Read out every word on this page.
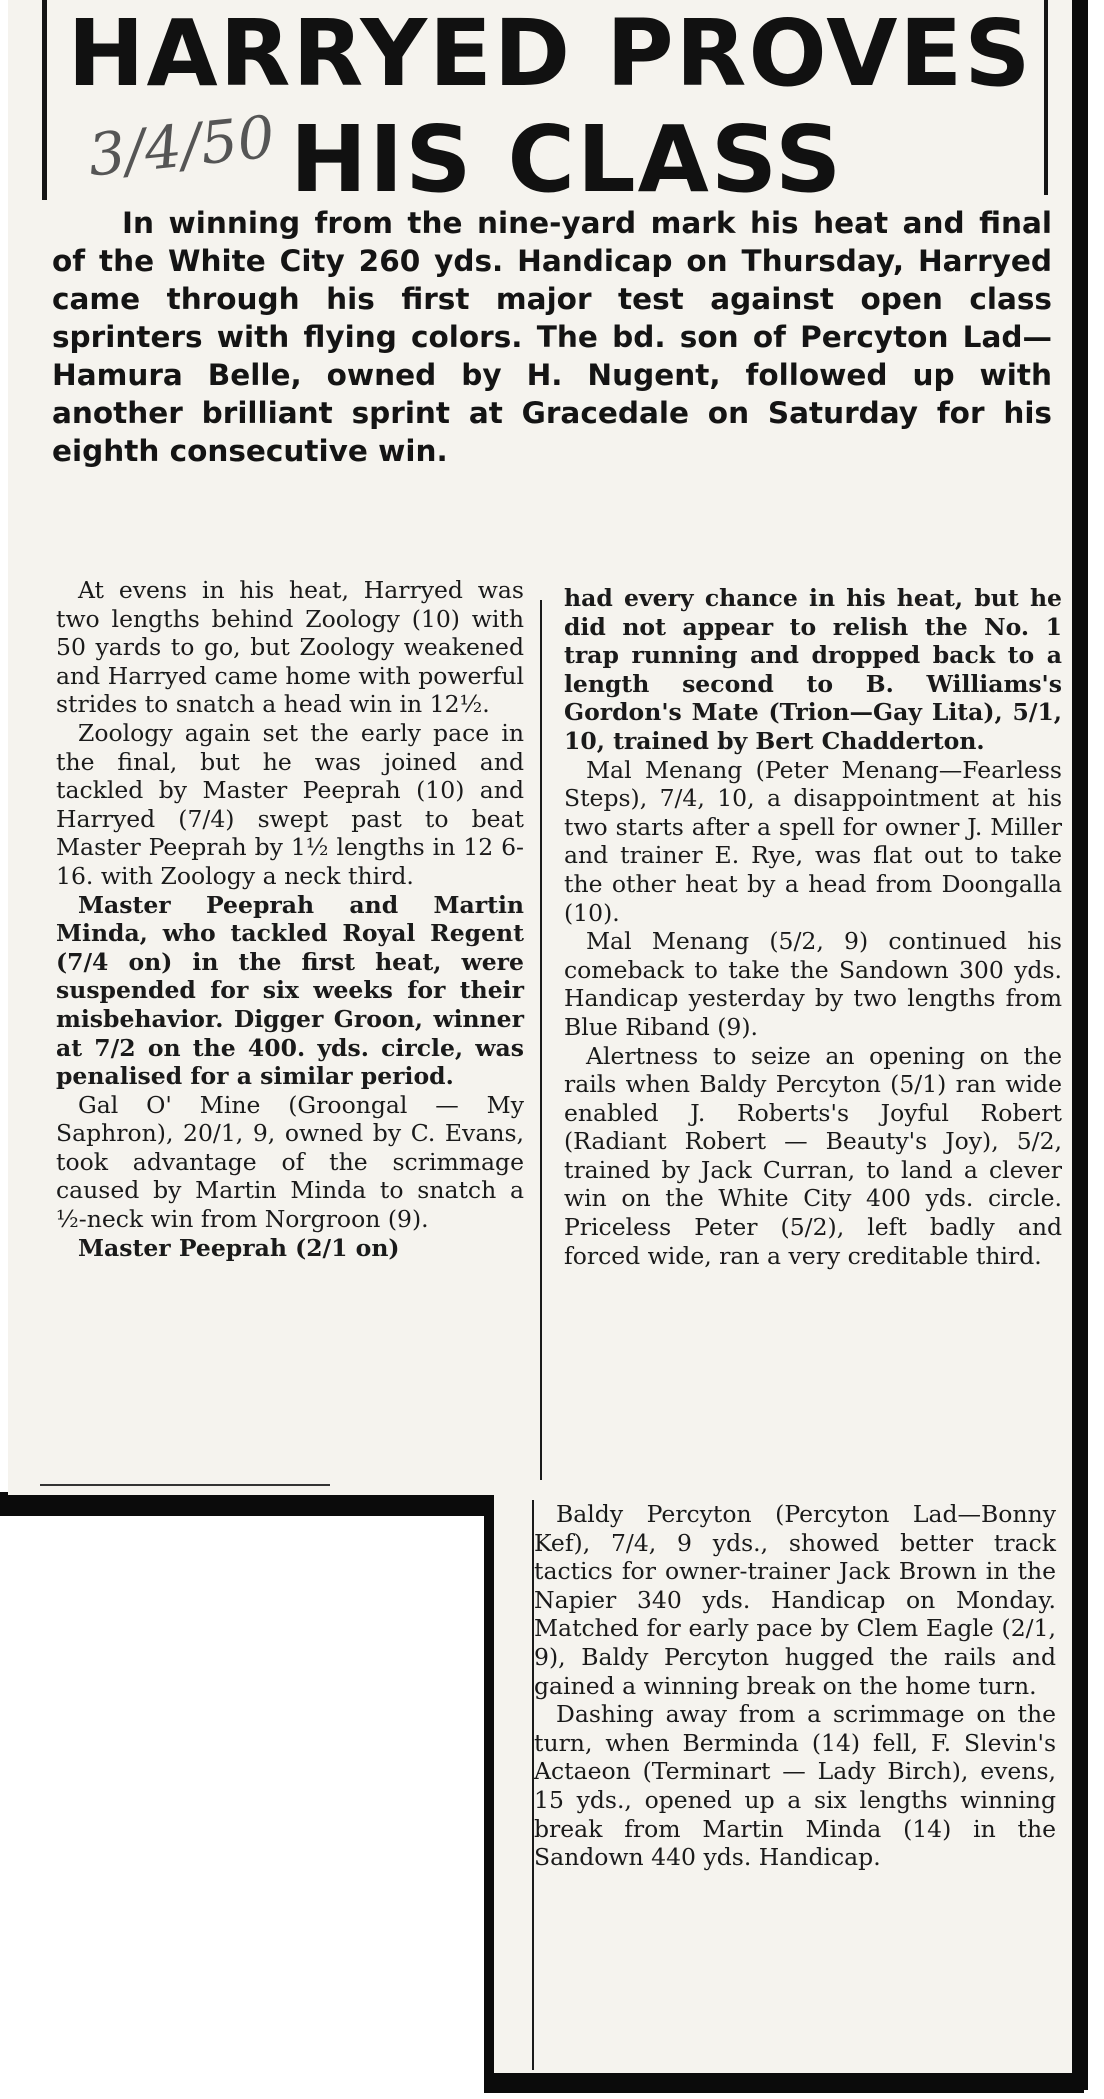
HARRYED PROVES
HIS CLASS
3/4/50

In winning from the nine-yard mark his heat and final of the White City 260 yds. Handicap on Thursday, Harryed came through his first major test against open class sprinters with flying colors. The bd. son of Percyton Lad—Hamura Belle, owned by H. Nugent, followed up with another brilliant sprint at Gracedale on Saturday for his eighth consecutive win.

At evens in his heat, Harryed was two lengths behind Zoology (10) with 50 yards to go, but Zoology weakened and Harryed came home with powerful strides to snatch a head win in 12½.

Zoology again set the early pace in the final, but he was joined and tackled by Master Peeprah (10) and Harryed (7/4) swept past to beat Master Peeprah by 1½ lengths in 12 6-16. with Zoology a neck third.

Master Peeprah and Martin Minda, who tackled Royal Regent (7/4 on) in the first heat, were suspended for six weeks for their misbehavior. Digger Groon, winner at 7/2 on the 400. yds. circle, was penalised for a similar period.

Gal O' Mine (Groongal — My Saphron), 20/1, 9, owned by C. Evans, took advantage of the scrimmage caused by Martin Minda to snatch a ½-neck win from Norgroon (9).

Master Peeprah (2/1 on)

had every chance in his heat, but he did not appear to relish the No. 1 trap running and dropped back to a length second to B. Williams's Gordon's Mate (Trion—Gay Lita), 5/1, 10, trained by Bert Chadderton.

Mal Menang (Peter Menang—Fearless Steps), 7/4, 10, a disappointment at his two starts after a spell for owner J. Miller and trainer E. Rye, was flat out to take the other heat by a head from Doongalla (10).

Mal Menang (5/2, 9) continued his comeback to take the Sandown 300 yds. Handicap yesterday by two lengths from Blue Riband (9).

Alertness to seize an opening on the rails when Baldy Percyton (5/1) ran wide enabled J. Roberts's Joyful Robert (Radiant Robert — Beauty's Joy), 5/2, trained by Jack Curran, to land a clever win on the White City 400 yds. circle. Priceless Peter (5/2), left badly and forced wide, ran a very creditable third.

Baldy Percyton (Percyton Lad—Bonny Kef), 7/4, 9 yds., showed better track tactics for owner-trainer Jack Brown in the Napier 340 yds. Handicap on Monday. Matched for early pace by Clem Eagle (2/1, 9), Baldy Percyton hugged the rails and gained a winning break on the home turn.

Dashing away from a scrimmage on the turn, when Berminda (14) fell, F. Slevin's Actaeon (Terminart — Lady Birch), evens, 15 yds., opened up a six lengths winning break from Martin Minda (14) in the Sandown 440 yds. Handicap.
